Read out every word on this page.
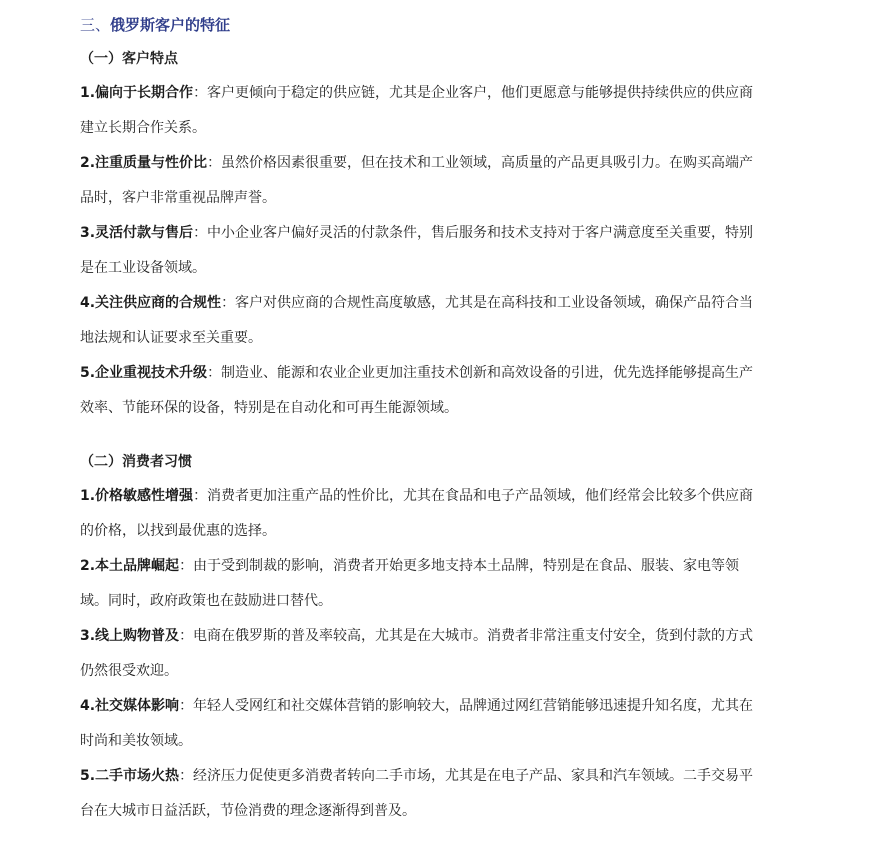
三、俄罗斯客户的特征
（一）客户特点
1.偏向于长期合作：客户更倾向于稳定的供应链，尤其是企业客户，他们更愿意与能够提供持续供应的供应商建立长期合作关系。
2.注重质量与性价比：虽然价格因素很重要，但在技术和工业领域，高质量的产品更具吸引力。在购买高端产品时，客户非常重视品牌声誉。
3.灵活付款与售后：中小企业客户偏好灵活的付款条件，售后服务和技术支持对于客户满意度至关重要，特别是在工业设备领域。
4.关注供应商的合规性：客户对供应商的合规性高度敏感，尤其是在高科技和工业设备领域，确保产品符合当地法规和认证要求至关重要。
5.企业重视技术升级：制造业、能源和农业企业更加注重技术创新和高效设备的引进，优先选择能够提高生产效率、节能环保的设备，特别是在自动化和可再生能源领域。
（二）消费者习惯
1.价格敏感性增强：消费者更加注重产品的性价比，尤其在食品和电子产品领域，他们经常会比较多个供应商的价格，以找到最优惠的选择。
2.本土品牌崛起：由于受到制裁的影响，消费者开始更多地支持本土品牌，特别是在食品、服装、家电等领域。同时，政府政策也在鼓励进口替代。
3.线上购物普及：电商在俄罗斯的普及率较高，尤其是在大城市。消费者非常注重支付安全，货到付款的方式仍然很受欢迎。
4.社交媒体影响：年轻人受网红和社交媒体营销的影响较大，品牌通过网红营销能够迅速提升知名度，尤其在时尚和美妆领域。
5.二手市场火热：经济压力促使更多消费者转向二手市场，尤其是在电子产品、家具和汽车领域。二手交易平台在大城市日益活跃，节俭消费的理念逐渐得到普及。
